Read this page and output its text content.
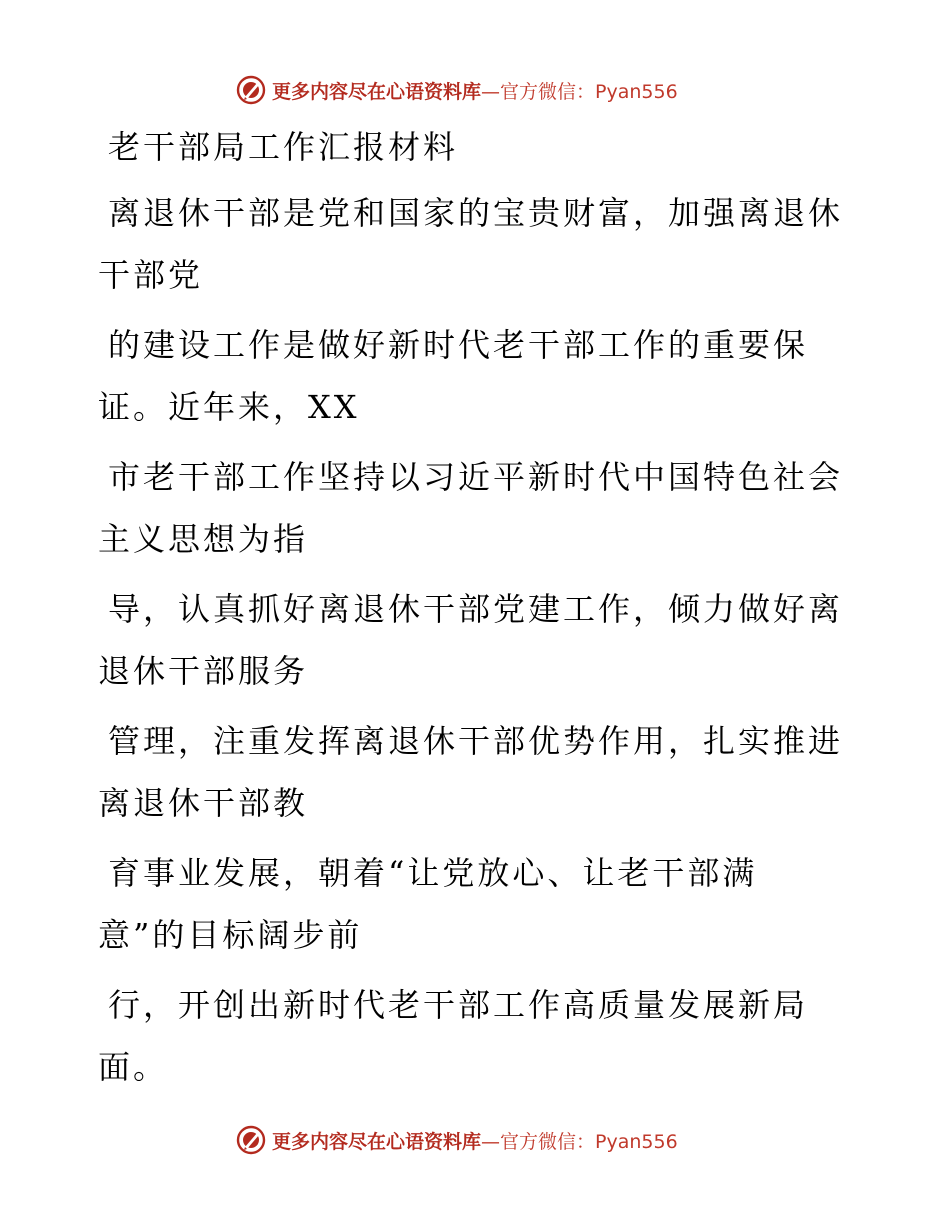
更多内容尽在心语资料库—官方微信：Pyan556
老干部局工作汇报材料
离退休干部是党和国家的宝贵财富，加强离退休
干部党
的建设工作是做好新时代老干部工作的重要保
证。近年来，XX
市老干部工作坚持以习近平新时代中国特色社会
主义思想为指
导，认真抓好离退休干部党建工作，倾力做好离
退休干部服务
管理，注重发挥离退休干部优势作用，扎实推进
离退休干部教
育事业发展，朝着“让党放心、让老干部满
意”的目标阔步前
行，开创出新时代老干部工作高质量发展新局
面。
更多内容尽在心语资料库—官方微信：Pyan556
